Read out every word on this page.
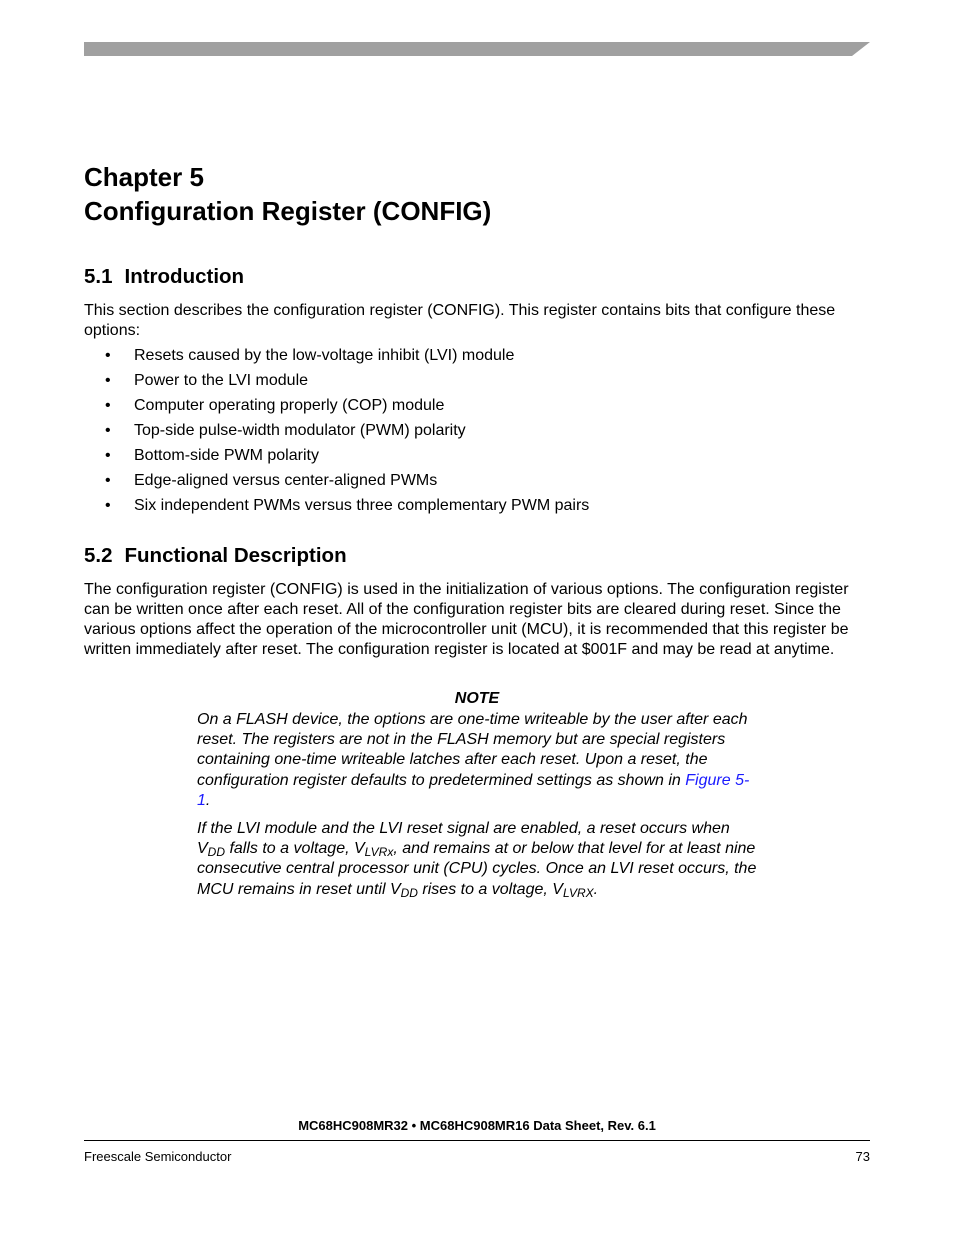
Chapter 5
Configuration Register (CONFIG)
5.1 Introduction

This section describes the configuration register (CONFIG). This register contains bits that configure these options:

• Resets caused by the low-voltage inhibit (LVI) module
• Power to the LVI module
• Computer operating properly (COP) module
• Top-side pulse-width modulator (PWM) polarity
• Bottom-side PWM polarity
• Edge-aligned versus center-aligned PWMs
• Six independent PWMs versus three complementary PWM pairs
5.2 Functional Description

The configuration register (CONFIG) is used in the initialization of various options. The configuration register can be written once after each reset. All of the configuration register bits are cleared during reset. Since the various options affect the operation of the microcontroller unit (MCU), it is recommended that this register be written immediately after reset. The configuration register is located at $001F and may be read at anytime.

NOTE

On a FLASH device, the options are one-time writeable by the user after each reset. The registers are not in the FLASH memory but are special registers containing one-time writeable latches after each reset. Upon a reset, the configuration register defaults to predetermined settings as shown in Figure 5-1.

If the LVI module and the LVI reset signal are enabled, a reset occurs when $V_{DD}$ falls to a voltage, $V_{LVRx}$, and remains at or below that level for at least nine consecutive central processor unit (CPU) cycles. Once an LVI reset occurs, the MCU remains in reset until $V_{DD}$ rises to a voltage, $V_{LVRX}$.

MC68HC908MR32 • MC68HC908MR16 Data Sheet, Rev. 6.1

Freescale Semiconductor	73
